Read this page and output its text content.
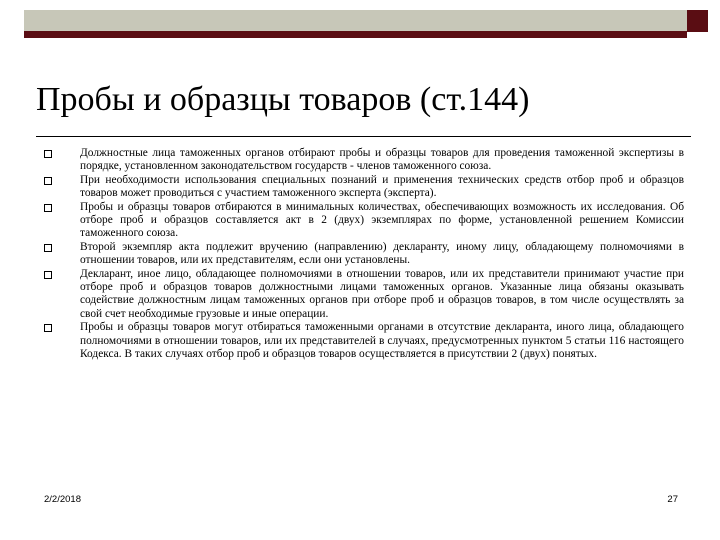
Пробы и образцы товаров (ст.144)
Должностные лица таможенных органов отбирают пробы и образцы товаров для проведения таможенной экспертизы в порядке, установленном законодательством государств - членов таможенного союза.
При необходимости использования специальных познаний и применения технических средств отбор проб и образцов товаров может проводиться с участием таможенного эксперта (эксперта).
Пробы и образцы товаров отбираются в минимальных количествах, обеспечивающих возможность их исследования. Об отборе проб и образцов составляется акт в 2 (двух) экземплярах по форме, установленной решением Комиссии таможенного союза.
Второй экземпляр акта подлежит вручению (направлению) декларанту, иному лицу, обладающему полномочиями в отношении товаров, или их представителям, если они установлены.
Декларант, иное лицо, обладающее полномочиями в отношении товаров, или их представители принимают участие при отборе проб и образцов товаров должностными лицами таможенных органов. Указанные лица обязаны оказывать содействие должностным лицам таможенных органов при отборе проб и образцов товаров, в том числе осуществлять за свой счет необходимые грузовые и иные операции.
Пробы и образцы товаров могут отбираться таможенными органами в отсутствие декларанта, иного лица, обладающего полномочиями в отношении товаров, или их представителей в случаях, предусмотренных пунктом 5 статьи 116 настоящего Кодекса. В таких случаях отбор проб и образцов товаров осуществляется в присутствии 2 (двух) понятых.
2/2/2018	27
